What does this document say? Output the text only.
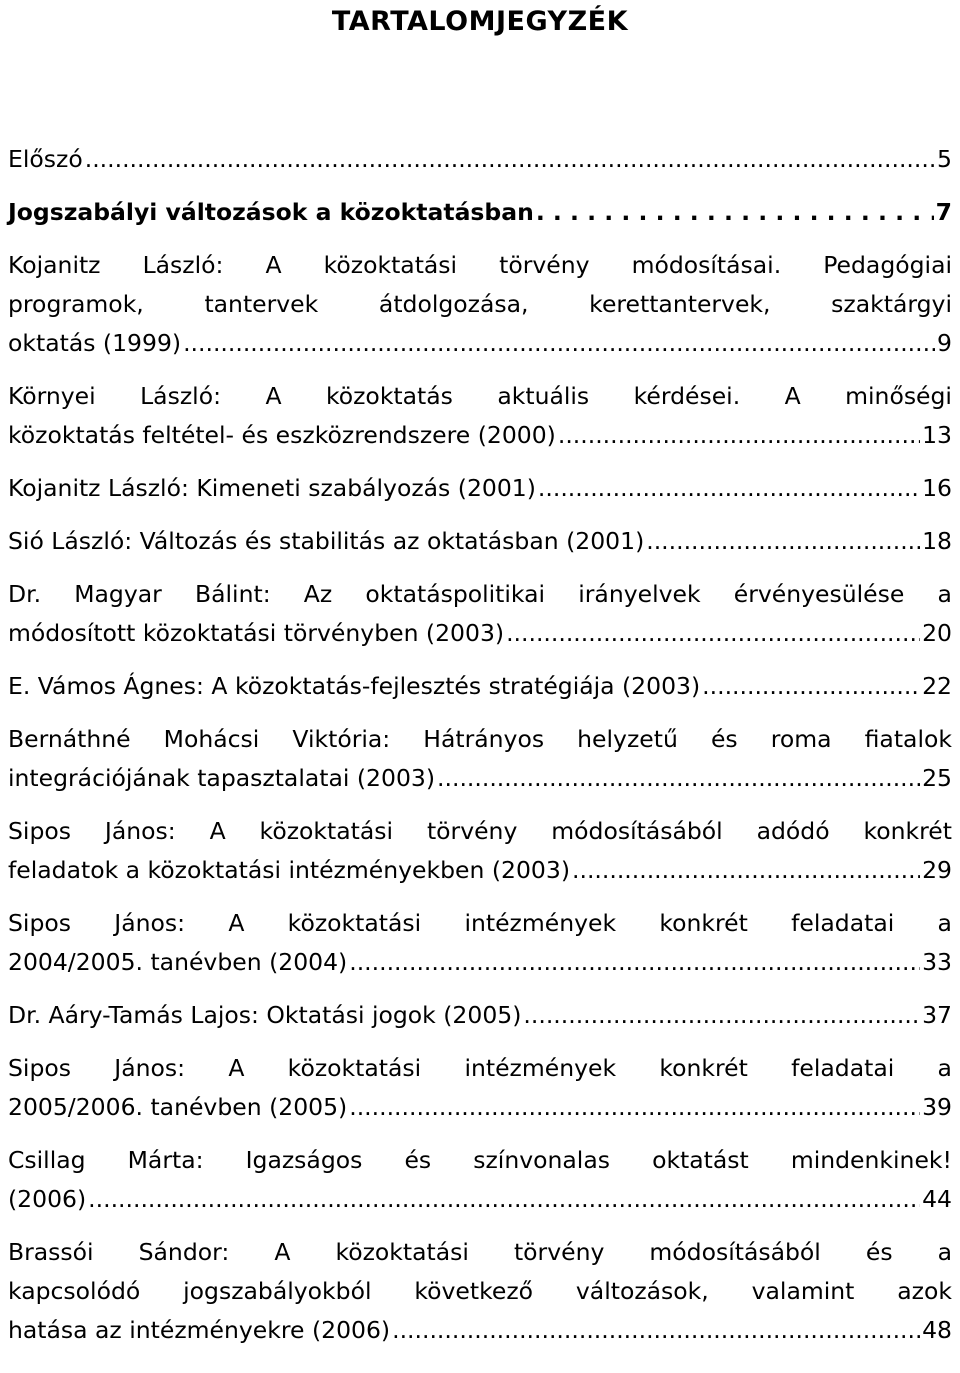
TARTALOMJEGYZÉK
Előszó .....	5
Jogszabályi változások a közoktatásban . . .	7
Kojanitz László: A közoktatási törvény módosításai. Pedagógiai
programok,	tantervek	átdolgozása,	kerettantervek,	szaktárgyi
oktatás (1999) .....	9
Környei László: A közoktatás aktuális kérdései. A minőségi
közoktatás feltétel- és eszközrendszere (2000) .....	13
Kojanitz László: Kimeneti szabályozás (2001) .....	16
Sió László: Változás és stabilitás az oktatásban (2001) .....	18
Dr. Magyar Bálint: Az oktatáspolitikai irányelvek érvényesülése a
módosított közoktatási törvényben (2003) .....	20
E. Vámos Ágnes: A közoktatás-fejlesztés stratégiája (2003) .....	22
Bernáthné Mohácsi Viktória: Hátrányos helyzetű és roma fiatalok
integrációjának tapasztalatai (2003) .....	25
Sipos János: A közoktatási törvény módosításából adódó konkrét
feladatok a közoktatási intézményekben (2003) .....	29
Sipos János: A közoktatási intézmények konkrét feladatai a
2004/2005. tanévben (2004) .....	33
Dr. Aáry-Tamás Lajos: Oktatási jogok (2005) .....	37
Sipos János: A közoktatási intézmények konkrét feladatai a
2005/2006. tanévben (2005) .....	39
Csillag Márta: Igazságos és színvonalas oktatást mindenkinek!
(2006) .....	44
Brassói Sándor: A közoktatási törvény módosításából és a
kapcsolódó jogszabályokból következő változások, valamint azok
hatása az intézményekre (2006) .....	48
